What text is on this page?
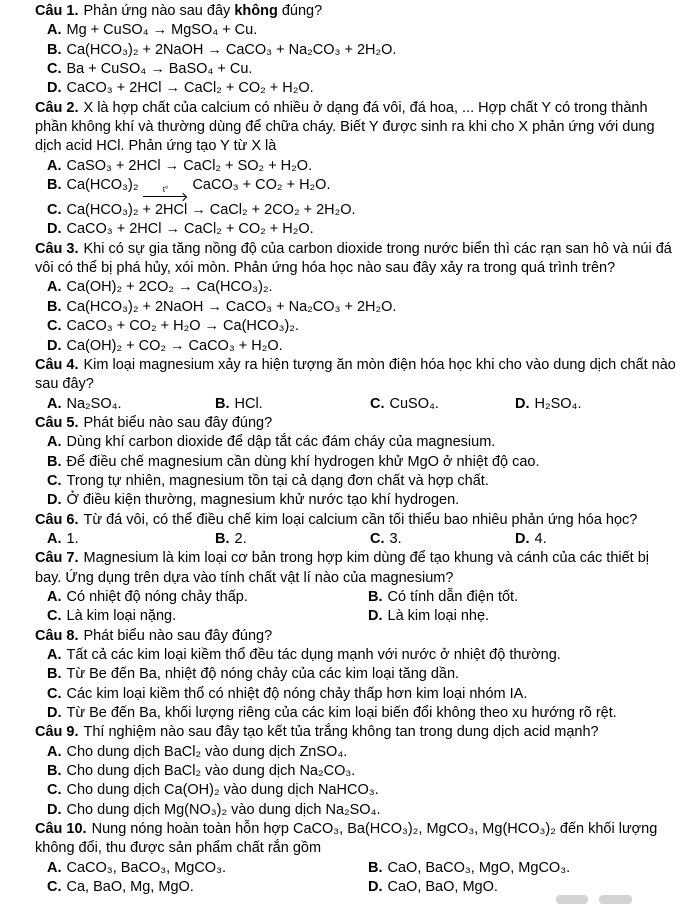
Câu 1. Phản ứng nào sau đây không đúng?
A. Mg + CuSO₄ → MgSO₄ + Cu.
B. Ca(HCO₃)₂ + 2NaOH → CaCO₃ + Na₂CO₃ + 2H₂O.
C. Ba + CuSO₄ → BaSO₄ + Cu.
D. CaCO₃ + 2HCl → CaCl₂ + CO₂ + H₂O.
Câu 2. X là hợp chất của calcium có nhiều ở dạng đá vôi, đá hoa, ... Hợp chất Y có trong thành phần không khí và thường dùng để chữa cháy. Biết Y được sinh ra khi cho X phản ứng với dung dịch acid HCl. Phản ứng tạo Y từ X là
A. CaSO₃ + 2HCl → CaCl₂ + SO₂ + H₂O.
B. Ca(HCO₃)₂	t° CaCO₃ + CO₂ + H₂O.
C. Ca(HCO₃)₂ + 2HCl → CaCl₂ + 2CO₂ + 2H₂O.
D. CaCO₃ + 2HCl → CaCl₂ + CO₂ + H₂O.
Câu 3. Khi có sự gia tăng nồng độ của carbon dioxide trong nước biển thì các rạn san hô và núi đá vôi có thể bị phá hủy, xói mòn. Phản ứng hóa học nào sau đây xảy ra trong quá trình trên?
A. Ca(OH)₂ + 2CO₂ → Ca(HCO₃)₂.
B. Ca(HCO₃)₂ + 2NaOH → CaCO₃ + Na₂CO₃ + 2H₂O.
C. CaCO₃ + CO₂ + H₂O → Ca(HCO₃)₂.
D. Ca(OH)₂ + CO₂ → CaCO₃ + H₂O.
Câu 4. Kim loại magnesium xảy ra hiện tượng ăn mòn điện hóa học khi cho vào dung dịch chất nào sau đây?
A. Na₂SO₄.	B. HCl.	C. CuSO₄.	D. H₂SO₄.
Câu 5. Phát biểu nào sau đây đúng?
A. Dùng khí carbon dioxide để dập tắt các đám cháy của magnesium.
B. Để điều chế magnesium cần dùng khí hydrogen khử MgO ở nhiệt độ cao.
C. Trong tự nhiên, magnesium tồn tại cả dạng đơn chất và hợp chất.
D. Ở điều kiện thường, magnesium khử nước tạo khí hydrogen.
Câu 6. Từ đá vôi, có thể điều chế kim loại calcium cần tối thiểu bao nhiêu phản ứng hóa học?
A. 1.	B. 2.	C. 3.	D. 4.
Câu 7. Magnesium là kim loại cơ bản trong hợp kim dùng để tạo khung và cánh của các thiết bị bay. Ứng dụng trên dựa vào tính chất vật lí nào của magnesium?
A. Có nhiệt độ nóng chảy thấp.	B. Có tính dẫn điện tốt.
C. Là kim loại nặng.	D. Là kim loại nhẹ.
Câu 8. Phát biểu nào sau đây đúng?
A. Tất cả các kim loại kiềm thổ đều tác dụng mạnh với nước ở nhiệt độ thường.
B. Từ Be đến Ba, nhiệt độ nóng chảy của các kim loại tăng dần.
C. Các kim loại kiềm thổ có nhiệt độ nóng chảy thấp hơn kim loại nhóm IA.
D. Từ Be đến Ba, khối lượng riêng của các kim loại biến đổi không theo xu hướng rõ rệt.
Câu 9. Thí nghiệm nào sau đây tạo kết tủa trắng không tan trong dung dịch acid mạnh?
A. Cho dung dịch BaCl₂ vào dung dịch ZnSO₄.
B. Cho dung dịch BaCl₂ vào dung dịch Na₂CO₃.
C. Cho dung dịch Ca(OH)₂ vào dung dịch NaHCO₃.
D. Cho dung dịch Mg(NO₃)₂ vào dung dịch Na₂SO₄.
Câu 10. Nung nóng hoàn toàn hỗn hợp CaCO₃, Ba(HCO₃)₂, MgCO₃, Mg(HCO₃)₂ đến khối lượng không đổi, thu được sản phẩm chất rắn gồm
A. CaCO₃, BaCO₃, MgCO₃.	B. CaO, BaCO₃, MgO, MgCO₃.
C. Ca, BaO, Mg, MgO.	D. CaO, BaO, MgO.
